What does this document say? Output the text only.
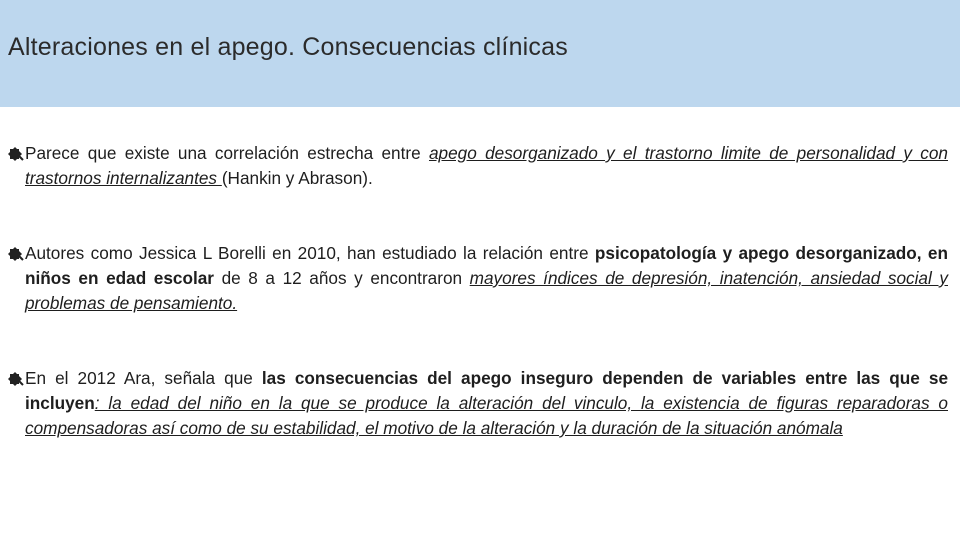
Alteraciones en el apego. Consecuencias clínicas

Parece que existe una correlación estrecha entre apego desorganizado y el trastorno limite de personalidad y con trastornos internalizantes (Hankin y Abrason).

Autores como Jessica L Borelli en 2010, han estudiado la relación entre psicopatología y apego desorganizado, en niños en edad escolar de 8 a 12 años y encontraron mayores índices de depresión, inatención, ansiedad social y problemas de pensamiento.

En el 2012 Ara, señala que las consecuencias del apego inseguro dependen de variables entre las que se incluyen: la edad del niño en la que se produce la alteración del vinculo, la existencia de figuras reparadoras o compensadoras así como de su estabilidad, el motivo de la alteración y la duración de la situación anómala
